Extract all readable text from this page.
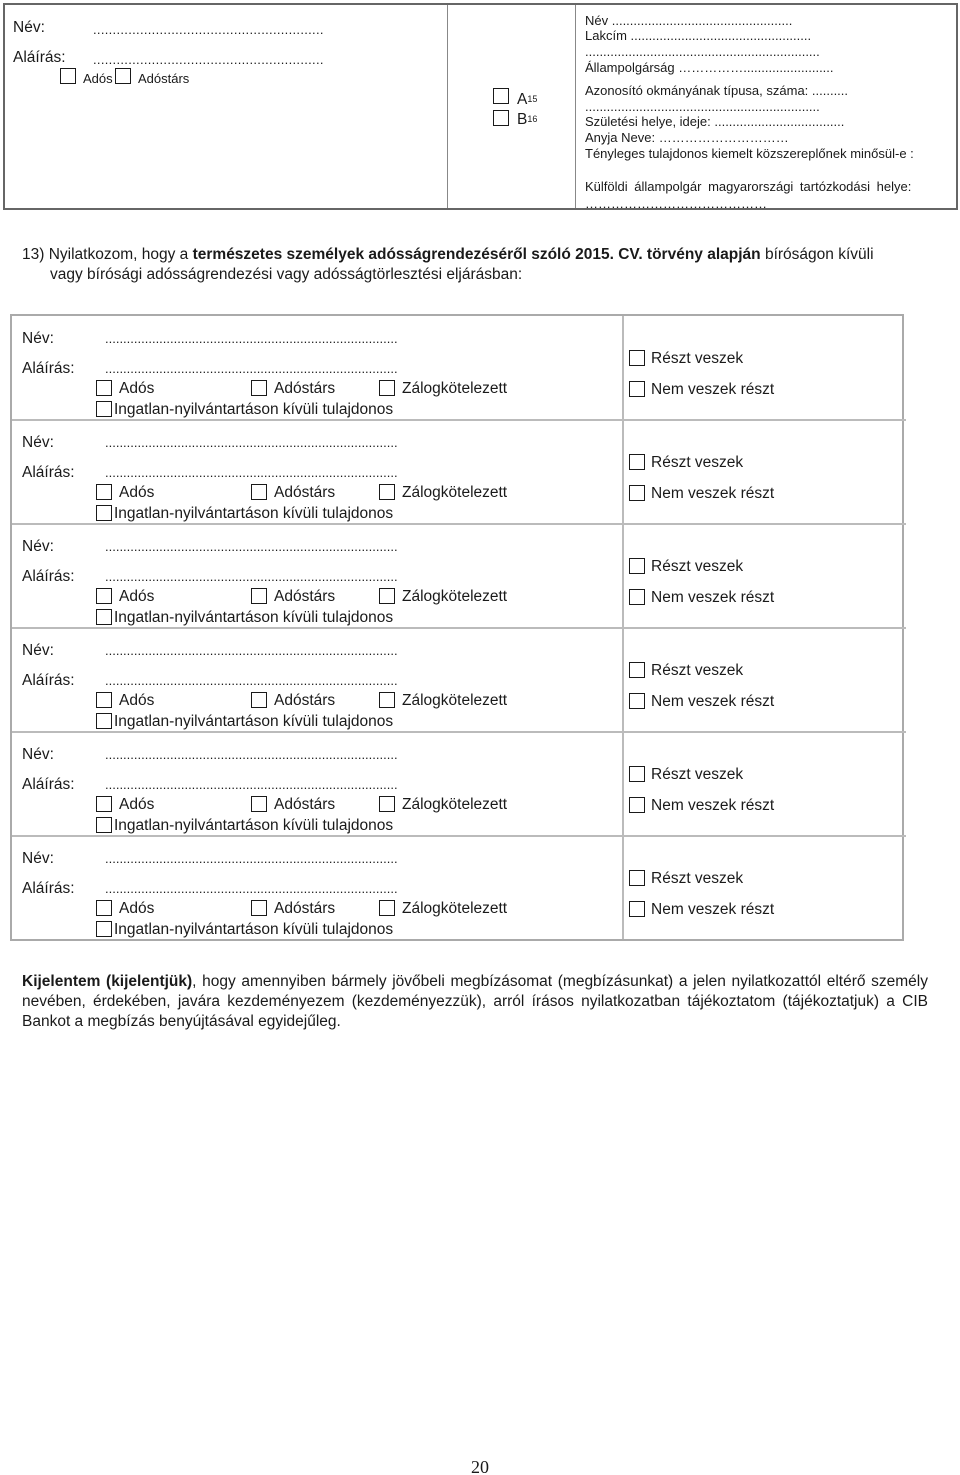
Név:	...........................................................
Aláírás: ...........................................................
Adós Adóstárs
$A^{15}$
$B^{16}$
Név ..................................................
Lakcím ..................................................
.................................................................
Állampolgárság …………….........................
Azonosító okmányának típusa, száma: ..........
.................................................................
Születési helye, ideje: ....................................
Anyja Neve: …………………………
Tényleges tulajdonos kiemelt közszereplőnek minősül-e :
Külföldi állampolgár magyarországi tartózkodási helye:
……………………………………
13) Nyilatkozom, hogy a természetes személyek adósságrendezéséről szóló 2015. CV. törvény alapján bíróságon kívüli
vagy bírósági adósságrendezési vagy adósságtörlesztési eljárásban:
Név:	.................................................................................
Aláírás: .................................................................................
Adós	Adóstárs	Zálogkötelezett
Ingatlan-nyilvántartáson kívüli tulajdonos
Részt veszek
Nem veszek részt
Név:	.................................................................................
Aláírás: .................................................................................
Adós	Adóstárs	Zálogkötelezett
Ingatlan-nyilvántartáson kívüli tulajdonos
Részt veszek
Nem veszek részt
Név:	.................................................................................
Aláírás: .................................................................................
Adós	Adóstárs	Zálogkötelezett
Ingatlan-nyilvántartáson kívüli tulajdonos
Részt veszek
Nem veszek részt
Név:	.................................................................................
Aláírás: .................................................................................
Adós	Adóstárs	Zálogkötelezett
Ingatlan-nyilvántartáson kívüli tulajdonos
Részt veszek
Nem veszek részt
Név:	.................................................................................
Aláírás: .................................................................................
Adós	Adóstárs	Zálogkötelezett
Ingatlan-nyilvántartáson kívüli tulajdonos
Részt veszek
Nem veszek részt
Név:	.................................................................................
Aláírás: .................................................................................
Adós	Adóstárs	Zálogkötelezett
Ingatlan-nyilvántartáson kívüli tulajdonos
Részt veszek
Nem veszek részt
Kijelentem (kijelentjük), hogy amennyiben bármely jövőbeli megbízásomat (megbízásunkat) a jelen nyilatkozattól eltérő személy nevében, érdekében, javára kezdeményezem (kezdeményezzük), arról írásos nyilatkozatban tájékoztatom (tájékoztatjuk) a CIB Bankot a megbízás benyújtásával egyidejűleg.
20
